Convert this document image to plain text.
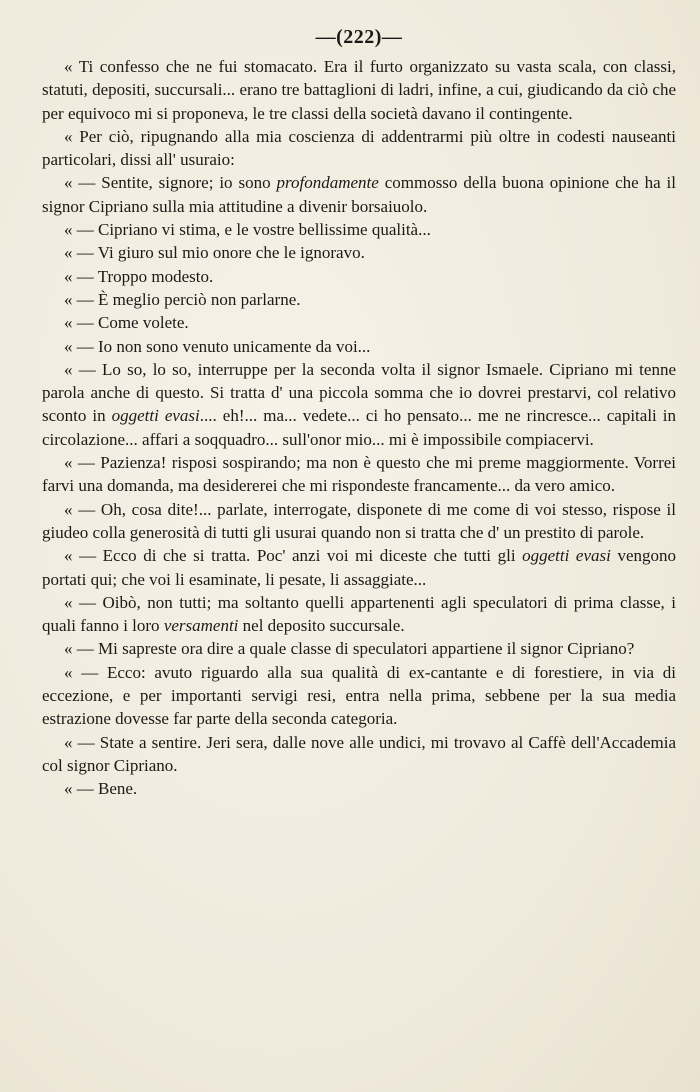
—(222)—

« Ti confesso che ne fui stomacato. Era il furto organizzato su vasta scala, con classi, statuti, depositi, succursali... erano tre battaglioni di ladri, infine, a cui, giudicando da ciò che per equivoco mi si proponeva, le tre classi della società davano il contingente.

« Per ciò, ripugnando alla mia coscienza di addentrarmi più oltre in codesti nauseanti particolari, dissi all' usuraio:

« — Sentite, signore; io sono profondamente commosso della buona opinione che ha il signor Cipriano sulla mia attitudine a divenir borsaiuolo.

« — Cipriano vi stima, e le vostre bellissime qualità...

« — Vi giuro sul mio onore che le ignoravo.

« — Troppo modesto.

« — È meglio perciò non parlarne.

« — Come volete.

« — Io non sono venuto unicamente da voi...

« — Lo so, lo so, interruppe per la seconda volta il signor Ismaele. Cipriano mi tenne parola anche di questo. Si tratta d' una piccola somma che io dovrei prestarvi, col relativo sconto in oggetti evasi.... eh!... ma... vedete... ci ho pensato... me ne rincresce... capitali in circolazione... affari a soqquadro... sull'onor mio... mi è impossibile compiacervi.

« — Pazienza! risposi sospirando; ma non è questo che mi preme maggiormente. Vorrei farvi una domanda, ma desidererei che mi rispondeste francamente... da vero amico.

« — Oh, cosa dite!... parlate, interrogate, disponete di me come di voi stesso, rispose il giudeo colla generosità di tutti gli usurai quando non si tratta che d' un prestito di parole.

« — Ecco di che si tratta. Poc' anzi voi mi diceste che tutti gli oggetti evasi vengono portati qui; che voi li esaminate, li pesate, li assaggiate...

« — Oibò, non tutti; ma soltanto quelli appartenenti agli speculatori di prima classe, i quali fanno i loro versamenti nel deposito succursale.

« — Mi sapreste ora dire a quale classe di speculatori appartiene il signor Cipriano?

« — Ecco: avuto riguardo alla sua qualità di ex-cantante e di forestiere, in via di eccezione, e per importanti servigi resi, entra nella prima, sebbene per la sua media estrazione dovesse far parte della seconda categoria.

« — State a sentire. Jeri sera, dalle nove alle undici, mi trovavo al Caffè dell'Accademia col signor Cipriano.

« — Bene.
